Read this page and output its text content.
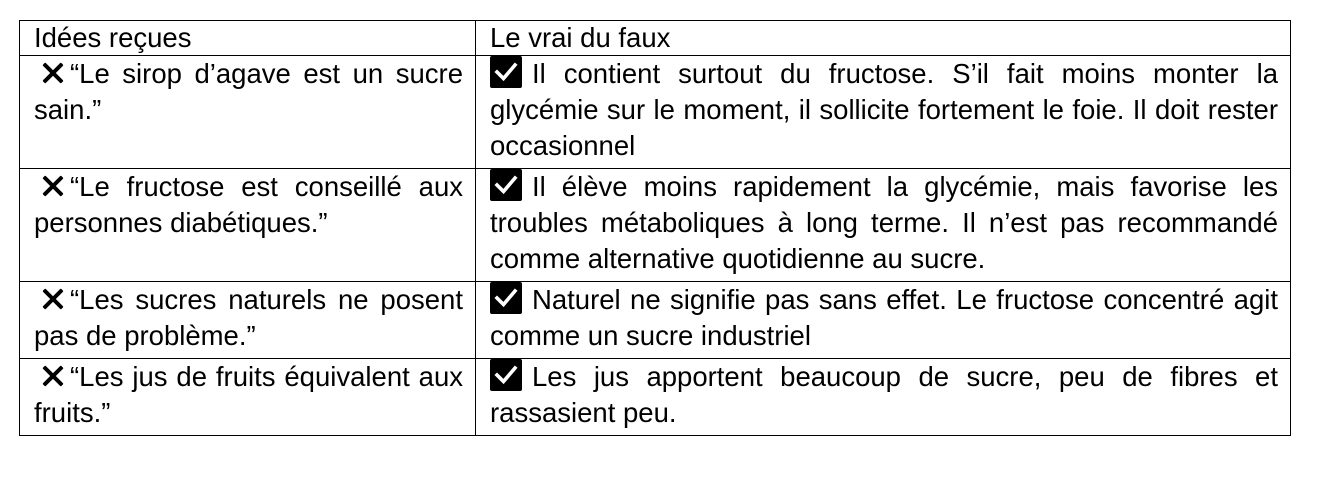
Idées reçues	Le vrai du faux
“Le sirop d’agave est un sucre sain.”	Il contient surtout du fructose. S’il fait moins monter la glycémie sur le moment, il sollicite fortement le foie. Il doit rester occasionnel
“Le fructose est conseillé aux personnes diabétiques.”	Il élève moins rapidement la glycémie, mais favorise les troubles métaboliques à long terme. Il n’est pas recommandé comme alternative quotidienne au sucre.
“Les sucres naturels ne posent pas de problème.”	Naturel ne signifie pas sans effet. Le fructose concentré agit comme un sucre industriel
“Les jus de fruits équivalent aux fruits.”	Les jus apportent beaucoup de sucre, peu de fibres et rassasient peu.
